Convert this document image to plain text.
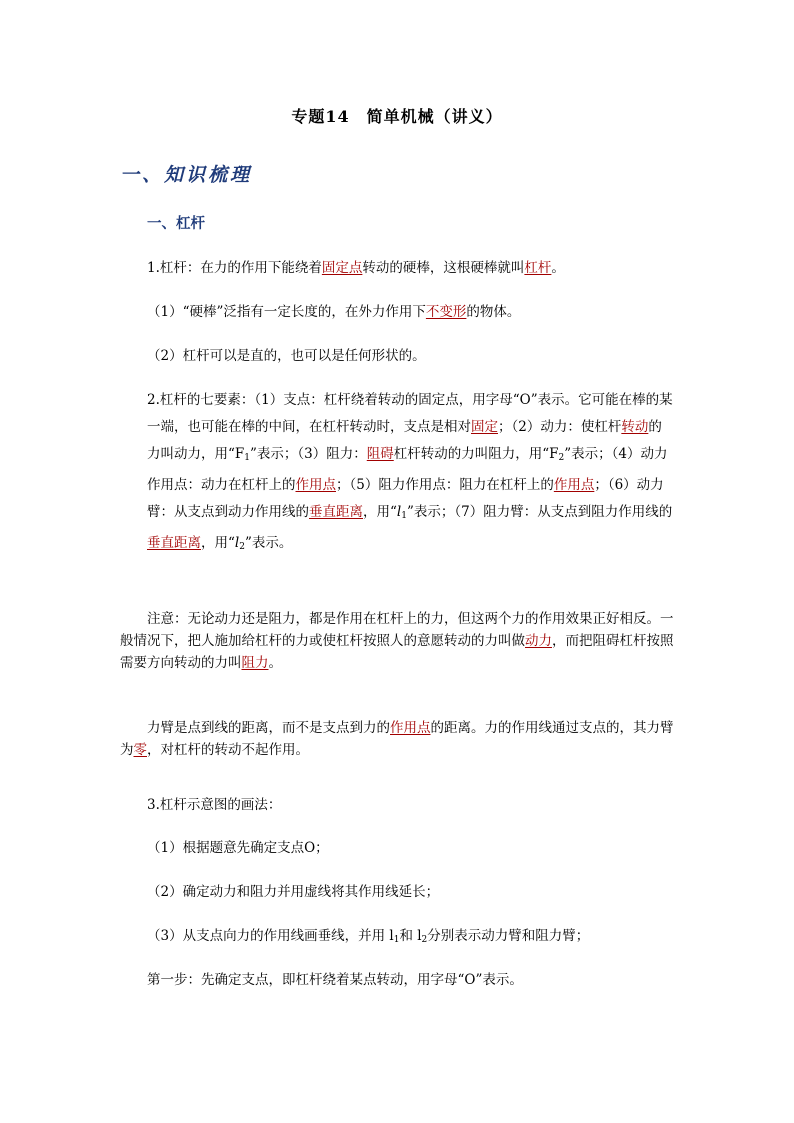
专题14　简单机械（讲义）
一、知识梳理
一、杠杆

1.杠杆：在力的作用下能绕着固定点转动的硬棒，这根硬棒就叫杠杆。

（1）“硬棒”泛指有一定长度的，在外力作用下不变形的物体。

（2）杠杆可以是直的，也可以是任何形状的。

2.杠杆的七要素：（1）支点：杠杆绕着转动的固定点，用字母“O”表示。它可能在棒的某一端，也可能在棒的中间，在杠杆转动时，支点是相对固定；（2）动力：使杠杆转动的力叫动力，用“$F_1$”表示；（3）阻力：阻碍杠杆转动的力叫阻力，用“$F_2$”表示；（4）动力作用点：动力在杠杆上的作用点；（5）阻力作用点：阻力在杠杆上的作用点；（6）动力臂：从支点到动力作用线的垂直距离，用“$l_1$”表示；（7）阻力臂：从支点到阻力作用线的垂直距离，用“$l_2$”表示。

注意：无论动力还是阻力，都是作用在杠杆上的力，但这两个力的作用效果正好相反。一般情况下，把人施加给杠杆的力或使杠杆按照人的意愿转动的力叫做动力，而把阻碍杠杆按照需要方向转动的力叫阻力。

力臂是点到线的距离，而不是支点到力的作用点的距离。力的作用线通过支点的，其力臂为零，对杠杆的转动不起作用。

3.杠杆示意图的画法：

（1）根据题意先确定支点O；

（2）确定动力和阻力并用虚线将其作用线延长；

（3）从支点向力的作用线画垂线，并用 $l_1$和 $l_2$分别表示动力臂和阻力臂；

第一步：先确定支点，即杠杆绕着某点转动，用字母“O”表示。
